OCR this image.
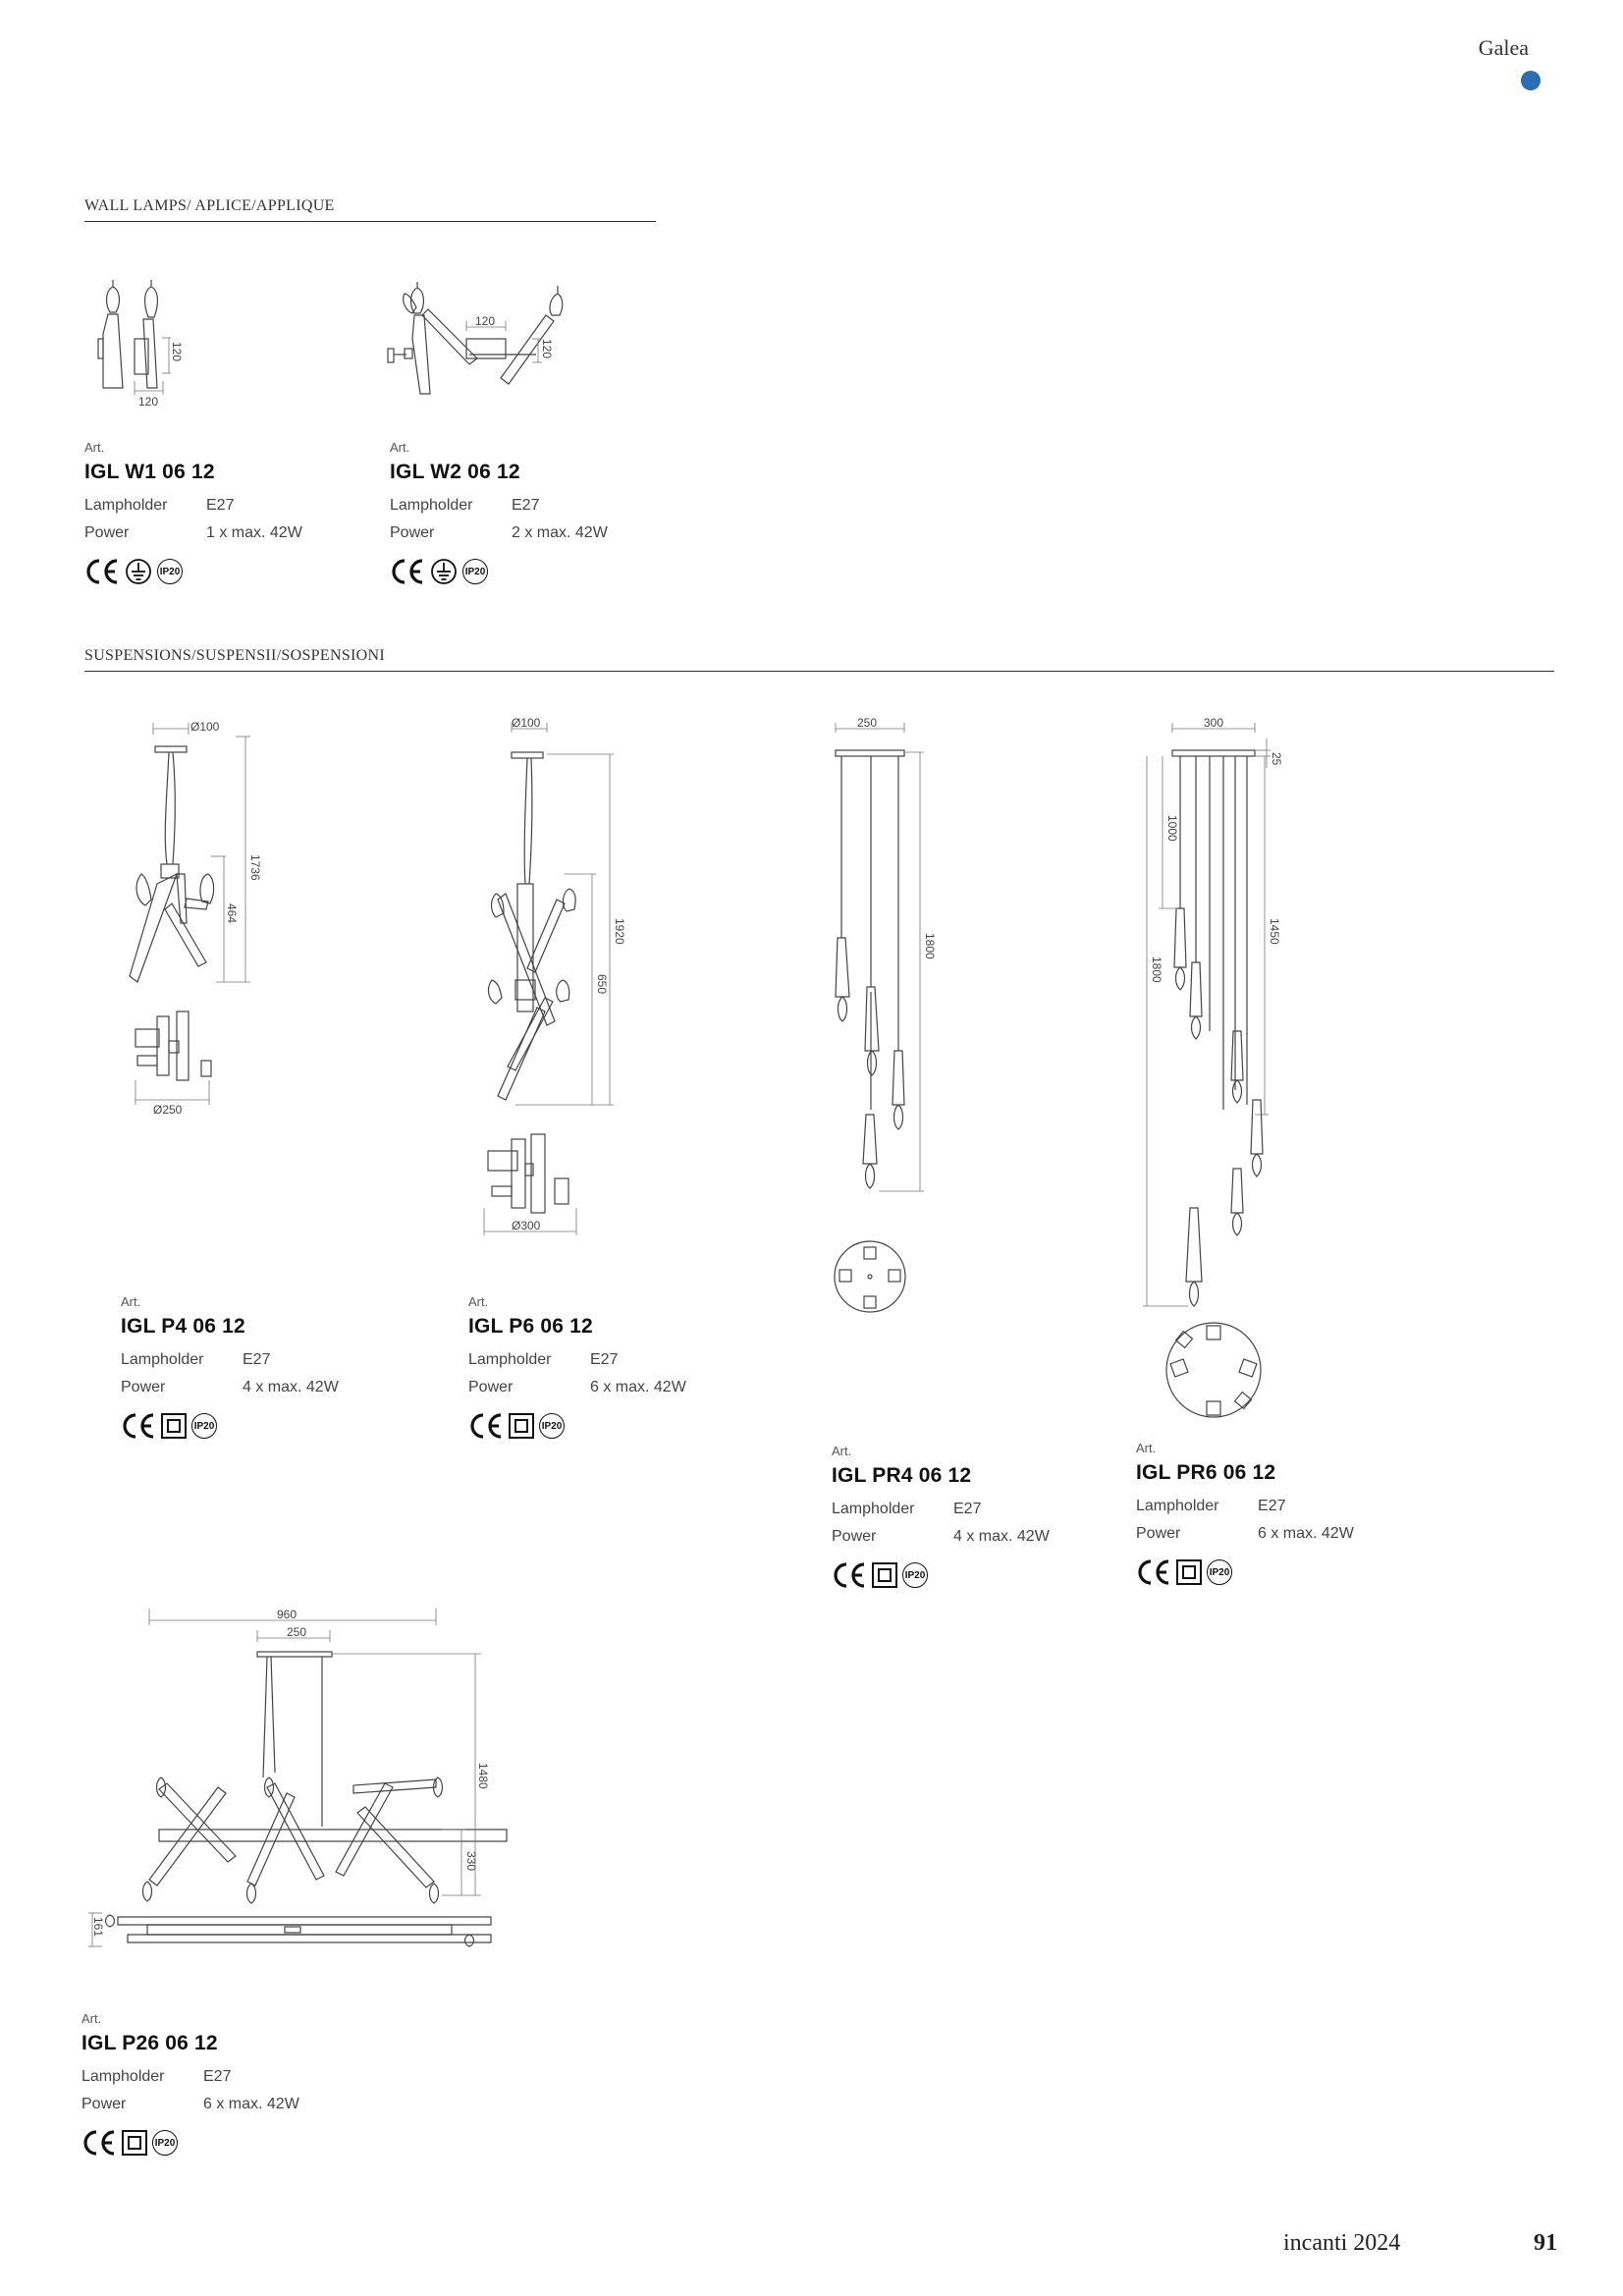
Galea
WALL LAMPS/ APLICE/APPLIQUE
120
120
Art.
IGL W1 06 12
Lampholder	E27
Power	1 x max. 42W
IP20
120
120
Art.
IGL W2 06 12
Lampholder	E27
Power	2 x max. 42W
IP20
SUSPENSIONS/SUSPENSII/SOSPENSIONI
Ø100
1736
464
Ø250
Art.
IGL P4 06 12
Lampholder	E27
Power	4 x max. 42W
IP20
Ø100
1920
650
Ø300
Art.
IGL P6 06 12
Lampholder	E27
Power	6 x max. 42W
IP20
250
1800
Art.
IGL PR4 06 12
Lampholder	E27
Power	4 x max. 42W
IP20
300
25
1000
1450
1800
Art.
IGL PR6 06 12
Lampholder	E27
Power	6 x max. 42W
IP20
960
250
1480
330
161
Art.
IGL P26 06 12
Lampholder	E27
Power	6 x max. 42W
IP20
incanti 2024	91
